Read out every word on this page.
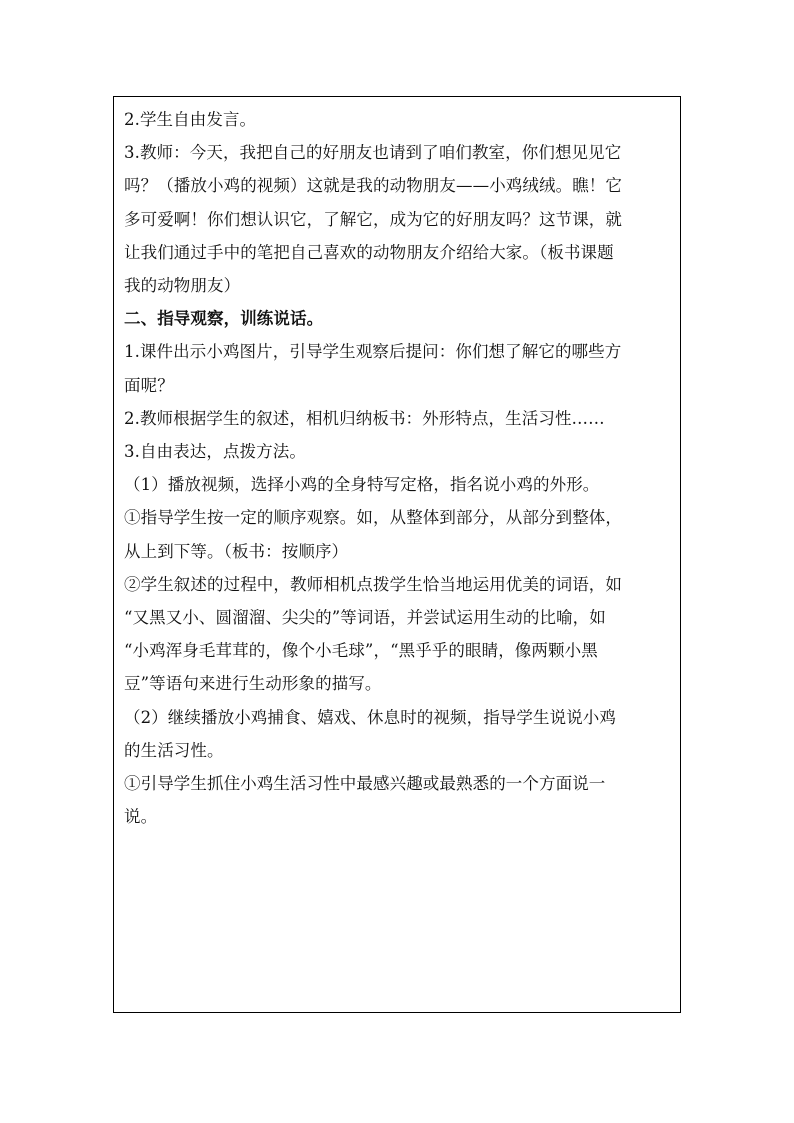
2.学生自由发言。

3.教师：今天，我把自己的好朋友也请到了咱们教室，你们想见见它
吗？（播放小鸡的视频）这就是我的动物朋友——小鸡绒绒。瞧！它
多可爱啊！你们想认识它，了解它，成为它的好朋友吗？这节课，就
让我们通过手中的笔把自己喜欢的动物朋友介绍给大家。（板书课题
我的动物朋友）

二、指导观察，训练说话。

1.课件出示小鸡图片，引导学生观察后提问：你们想了解它的哪些方
面呢？

2.教师根据学生的叙述，相机归纳板书：外形特点，生活习性……

3.自由表达，点拨方法。

（1）播放视频，选择小鸡的全身特写定格，指名说小鸡的外形。

①指导学生按一定的顺序观察。如，从整体到部分，从部分到整体，
从上到下等。（板书：按顺序）

②学生叙述的过程中，教师相机点拨学生恰当地运用优美的词语，如
“又黑又小、圆溜溜、尖尖的”等词语，并尝试运用生动的比喻，如
“小鸡浑身毛茸茸的，像个小毛球”，“黑乎乎的眼睛，像两颗小黑
豆”等语句来进行生动形象的描写。

（2）继续播放小鸡捕食、嬉戏、休息时的视频，指导学生说说小鸡
的生活习性。

①引导学生抓住小鸡生活习性中最感兴趣或最熟悉的一个方面说一
说。
